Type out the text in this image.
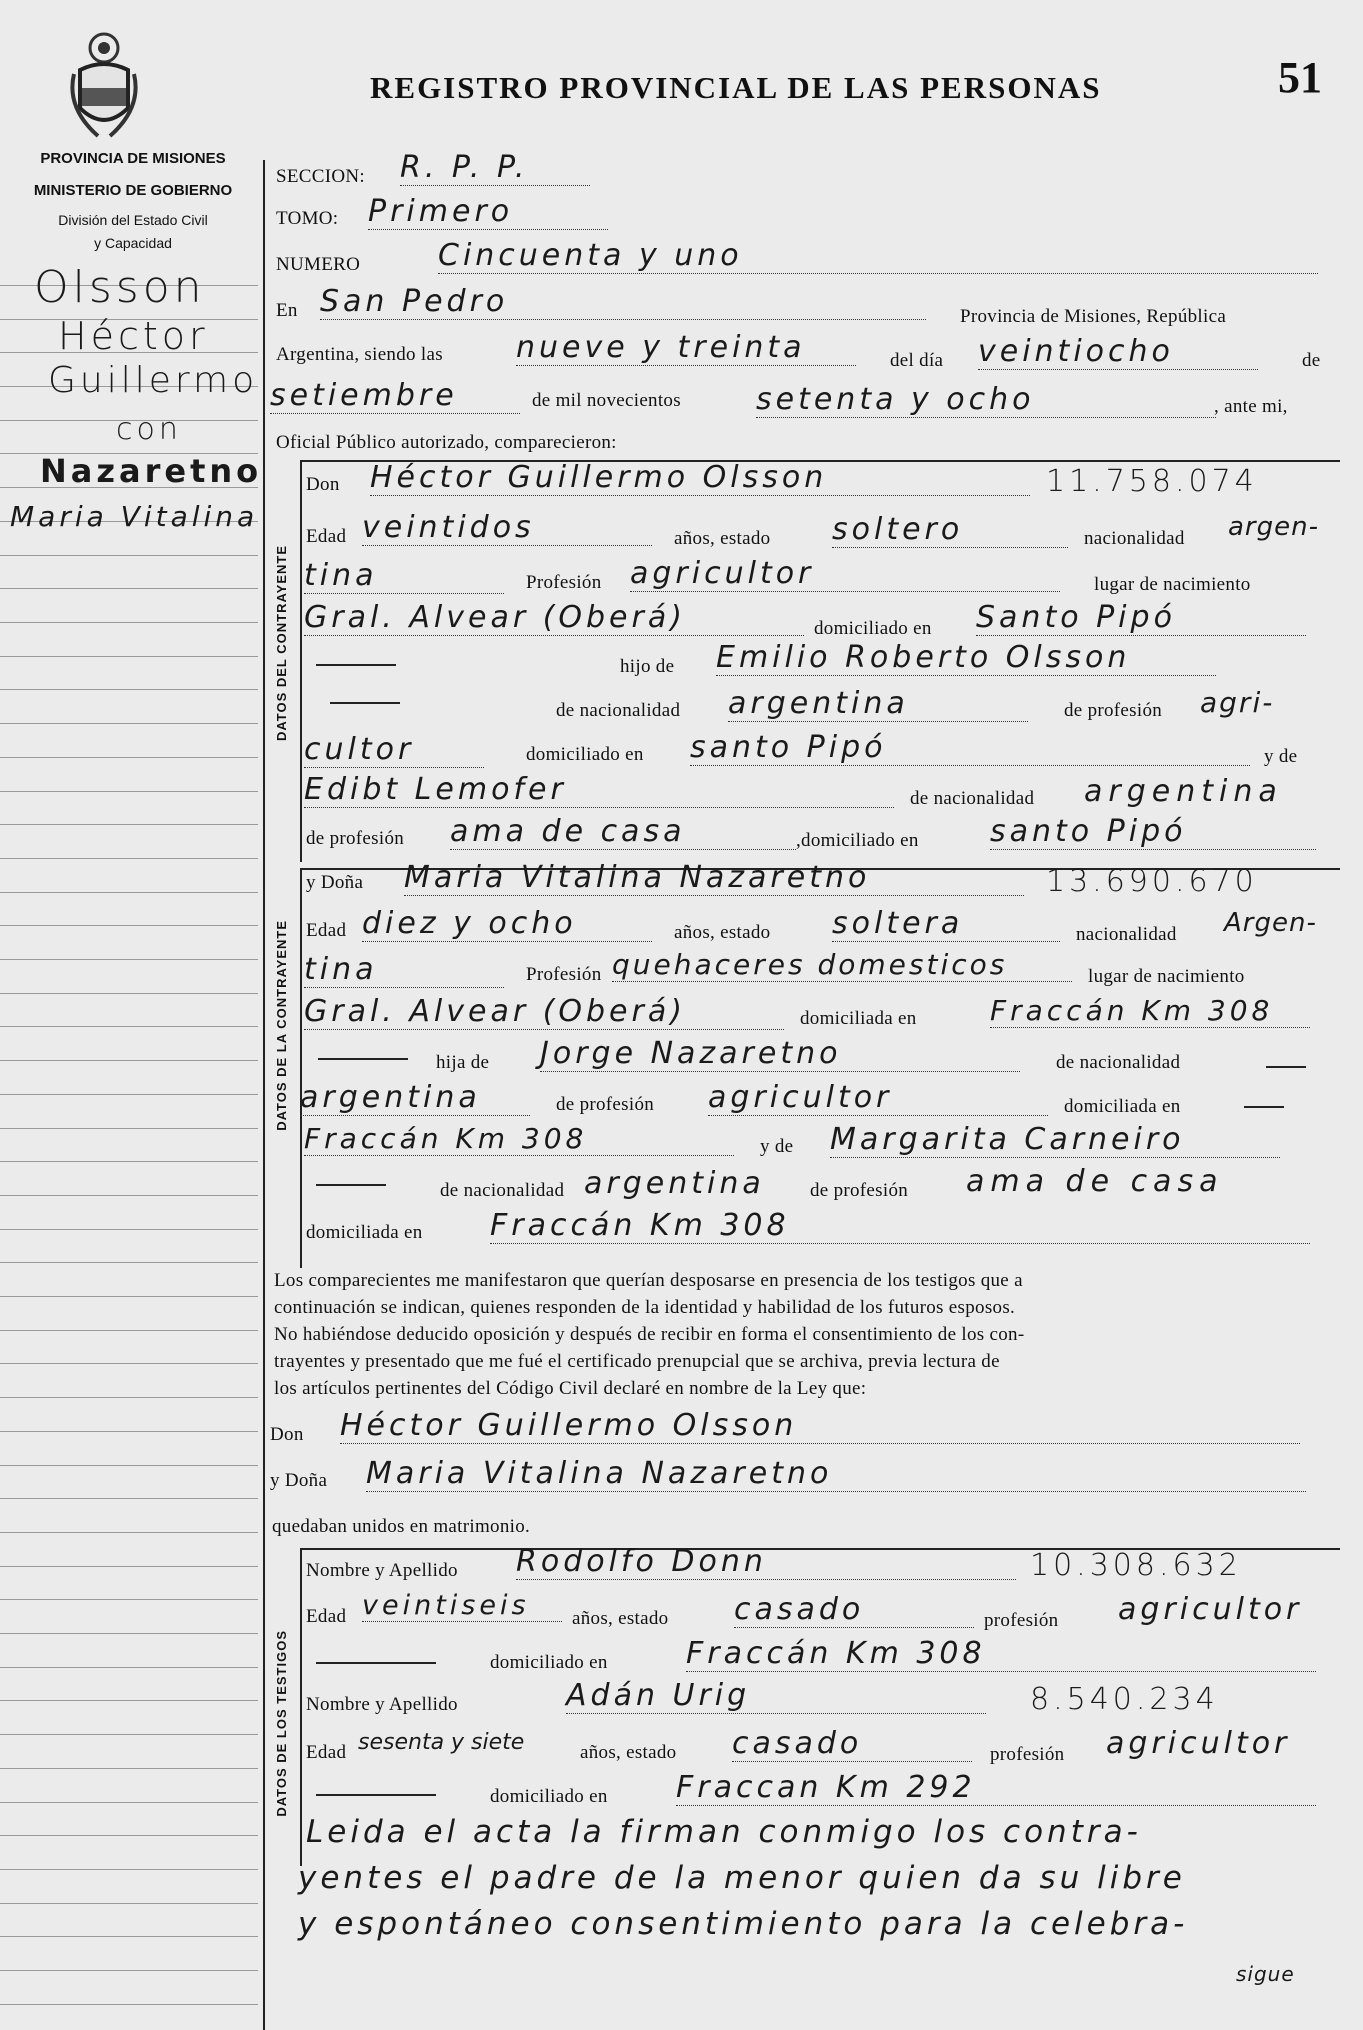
REGISTRO PROVINCIAL DE LAS PERSONAS	51
PROVINCIA DE MISIONES
MINISTERIO DE GOBIERNO
División del Estado Civil
y Capacidad
Olsson
Héctor
Guillermo
con
Nazaretno
Maria Vitalina
DATOS DEL CONTRAYENTE
DATOS DE LA CONTRAYENTE
DATOS DE LOS TESTIGOS
SECCION: R. P. P.
TOMO: Primero
NUMERO	Cincuenta y uno
En San Pedro	Provincia de Misiones, República
Argentina, siendo las nueve y treinta	del día veintiocho	de
setiembre	de mil novecientos	setenta y ocho	, ante mi,
Oficial Público autorizado, comparecieron:
Don Héctor Guillermo Olsson	11.758.074
Edad veintidos	años, estado soltero	nacionalidad argen-
tina	Profesión agricultor	lugar de nacimiento
Gral. Alvear (Oberá)	domiciliado en Santo Pipó
hijo de Emilio Roberto Olsson
de nacionalidad argentina	de profesión agri-
cultor	domiciliado en santo Pipó	y de
Edibt Lemofer	de nacionalidad argentina
de profesión ama de casa	,domiciliado en santo Pipó
y Doña Maria Vitalina Nazaretno	13.690.670
Edad diez y ocho	años, estado soltera	nacionalidad Argen-
tina	Profesión quehaceres domesticos	lugar de nacimiento
Gral. Alvear (Oberá)	domiciliada en	Fraccán Km 308
hija de Jorge Nazaretno	de nacionalidad
argentina	de profesión agricultor	domiciliada en
Fraccán Km 308	y de Margarita Carneiro
de nacionalidad argentina de profesión ama de casa
domiciliada en Fraccán Km 308
Los comparecientes me manifestaron que querían desposarse en presencia de los testigos que a
continuación se indican, quienes responden de la identidad y habilidad de los futuros esposos.
No habiéndose deducido oposición y después de recibir en forma el consentimiento de los con-
trayentes y presentado que me fué el certificado prenupcial que se archiva, previa lectura de
los artículos pertinentes del Código Civil declaré en nombre de la Ley que:
Don Héctor Guillermo Olsson
y Doña Maria Vitalina Nazaretno
quedaban unidos en matrimonio.
Nombre y Apellido Rodolfo Donn	10.308.632
Edad veintiseis	años, estado casado	profesión agricultor
domiciliado en	Fraccán Km 308
Nombre y Apellido	Adán Urig	8.540.234
Edad sesenta y siete	años, estado casado	profesión agricultor
domiciliado en Fraccan Km 292
Leida el acta la firman conmigo los contra-
yentes el padre de la menor quien da su libre
y espontáneo consentimiento para la celebra-
sigue
